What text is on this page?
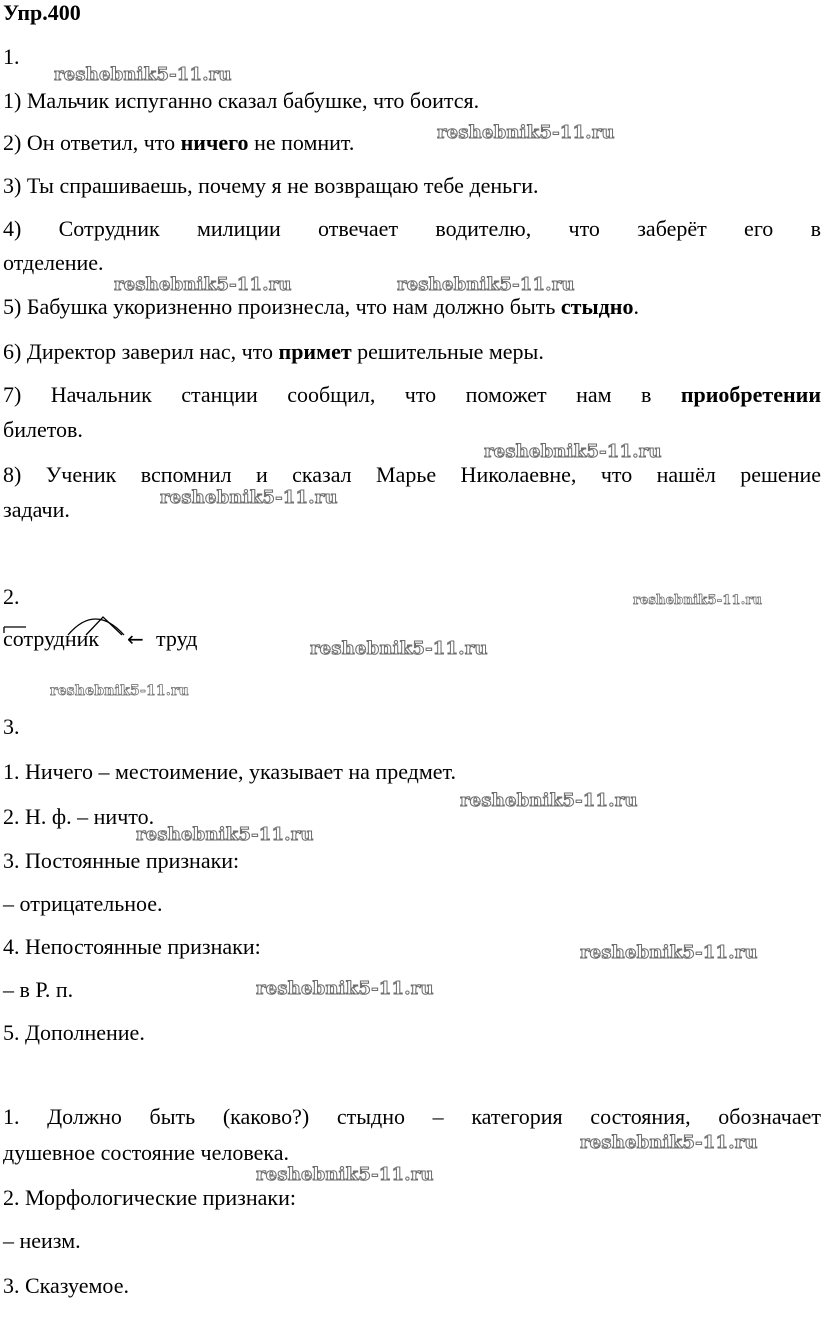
Упр.400
1.
1) Мальчик испуганно сказал бабушке, что боится.
2) Он ответил, что ничего не помнит.
3) Ты спрашиваешь, почему я не возвращаю тебе деньги.
4) Сотрудник милиции отвечает водителю, что заберёт его в
отделение.
5) Бабушка укоризненно произнесла, что нам должно быть стыдно.
6) Директор заверил нас, что примет решительные меры.
7) Начальник станции сообщил, что поможет нам в приобретении
билетов.
8) Ученик вспомнил и сказал Марье Николаевне, что нашёл решение
задачи.
2.
сотрудник ← труд
3.
1. Ничего – местоимение, указывает на предмет.
2. Н. ф. – ничто.
3. Постоянные признаки:
– отрицательное.
4. Непостоянные признаки:
– в Р. п.
5. Дополнение.
1. Должно быть (каково?) стыдно – категория состояния, обозначает
душевное состояние человека.
2. Морфологические признаки:
– неизм.
3. Сказуемое.
reshebnik5-11.ru
reshebnik5-11.ru
reshebnik5-11.ru	reshebnik5-11.ru
reshebnik5-11.ru
reshebnik5-11.ru
reshebnik5-11.ru
reshebnik5-11.ru
reshebnik5-11.ru
reshebnik5-11.ru
reshebnik5-11.ru
reshebnik5-11.ru
reshebnik5-11.ru
reshebnik5-11.ru
reshebnik5-11.ru
